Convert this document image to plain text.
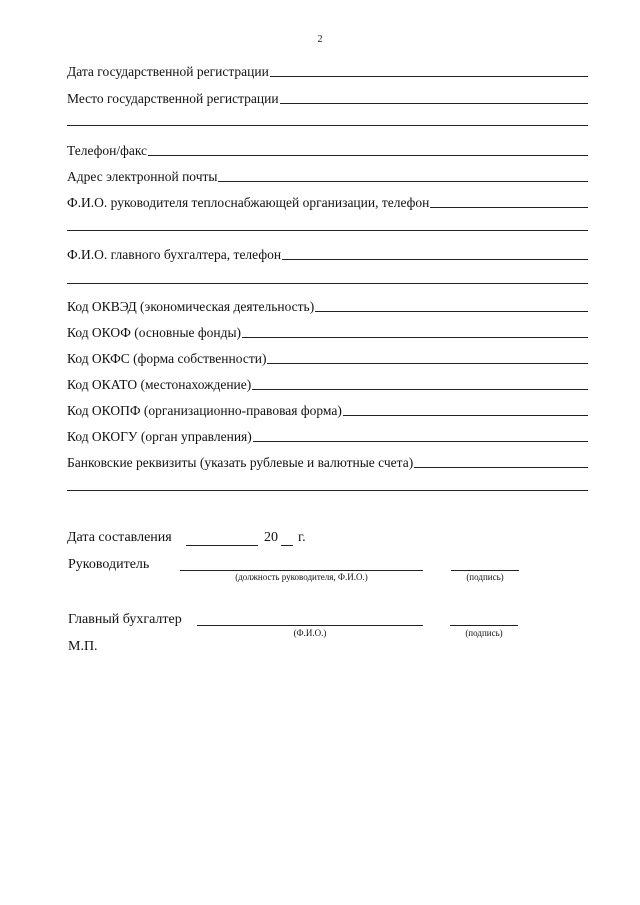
2
Дата государственной регистрации
Место государственной регистрации
Телефон/факс
Адрес электронной почты
Ф.И.О. руководителя теплоснабжающей организации, телефон
Ф.И.О. главного бухгалтера, телефон
Код ОКВЭД (экономическая деятельность)
Код ОКОФ (основные фонды)
Код ОКФС (форма собственности)
Код ОКАТО (местонахождение)
Код ОКОПФ (организационно-правовая форма)
Код ОКОГУ (орган управления)
Банковские реквизиты (указать рублевые и валютные счета)
Дата составления	20 г.
Руководитель
(должность руководителя, Ф.И.О.)	(подпись)
Главный бухгалтер
(Ф.И.О.)	(подпись)
М.П.
